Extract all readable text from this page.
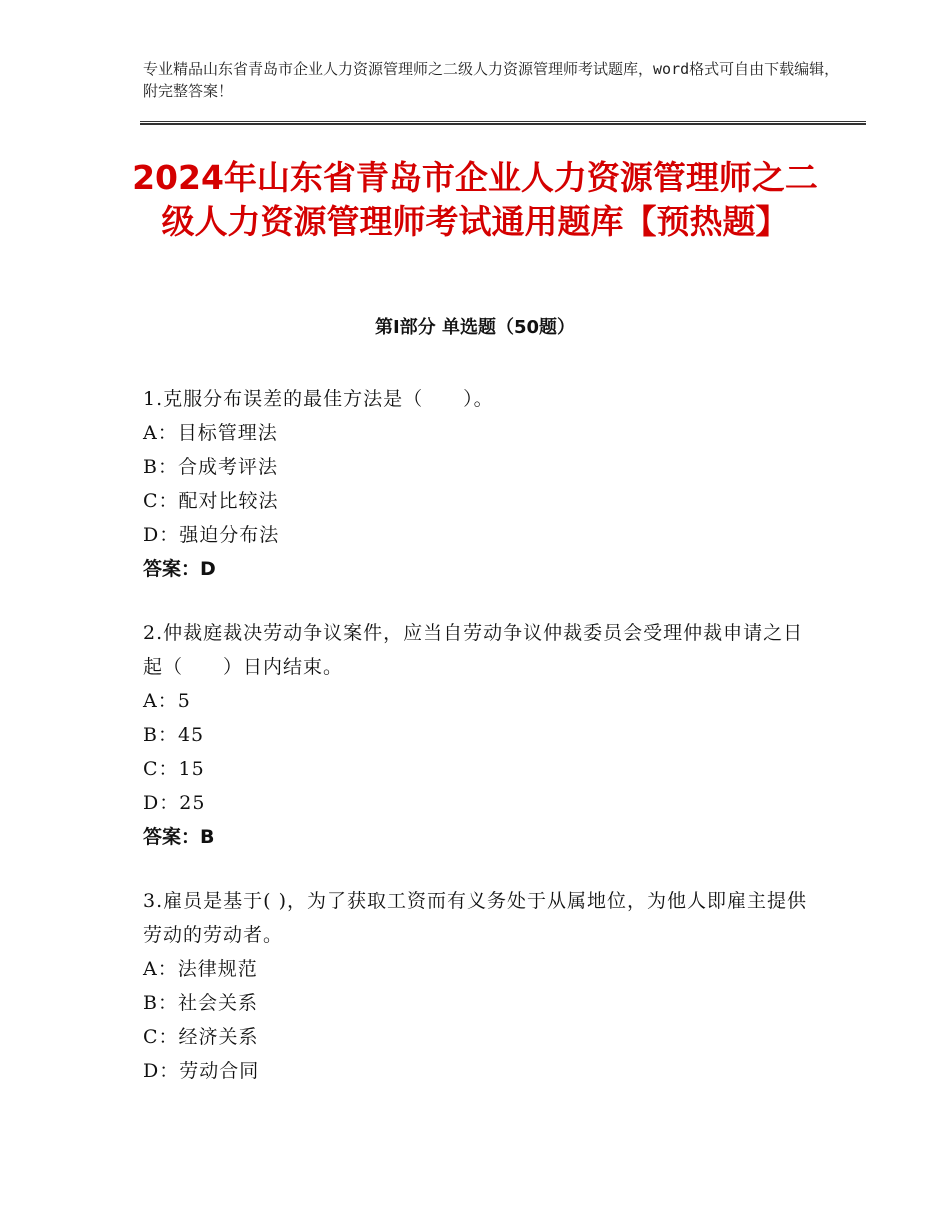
专业精品山东省青岛市企业人力资源管理师之二级人力资源管理师考试题库，word格式可自由下载编辑，附完整答案！
2024年山东省青岛市企业人力资源管理师之二级人力资源管理师考试通用题库【预热题】
第Ⅰ部分 单选题（50题）
1.克服分布误差的最佳方法是（　　）。
A：目标管理法
B：合成考评法
C：配对比较法
D：强迫分布法
答案：D
2.仲裁庭裁决劳动争议案件，应当自劳动争议仲裁委员会受理仲裁申请之日起（　　）日内结束。
A：5
B：45
C：15
D：25
答案：B
3.雇员是基于( )，为了获取工资而有义务处于从属地位，为他人即雇主提供劳动的劳动者。
A：法律规范
B：社会关系
C：经济关系
D：劳动合同
